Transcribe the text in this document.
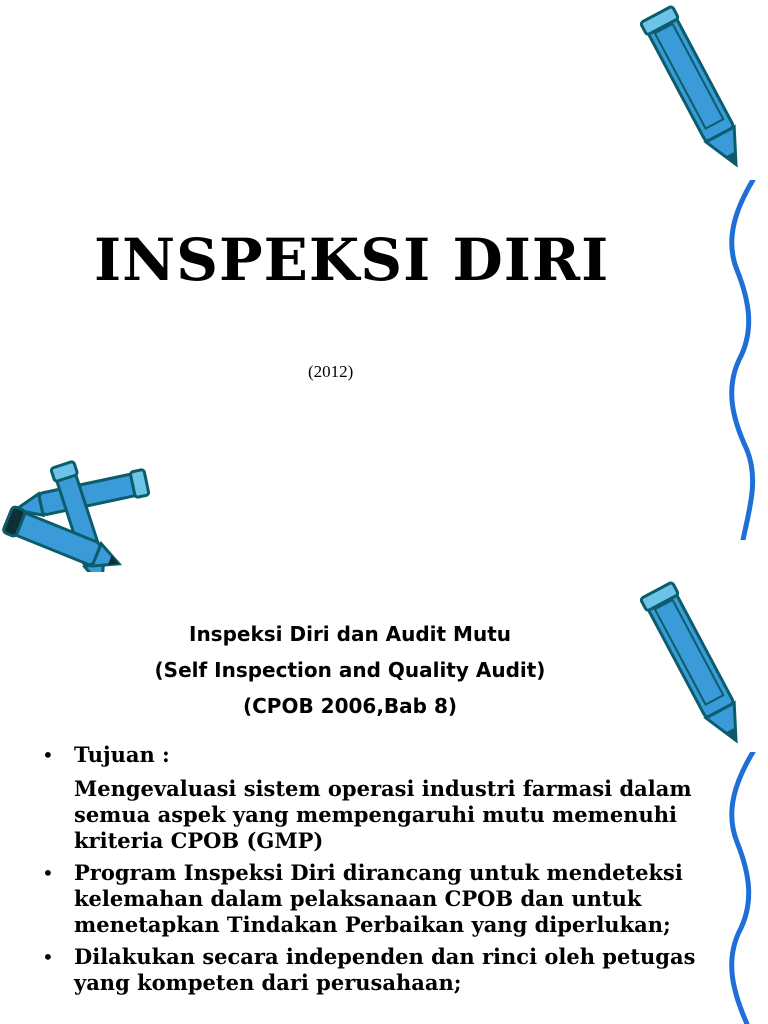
INSPEKSI DIRI
(2012)
Inspeksi Diri dan Audit Mutu
(Self Inspection and Quality Audit)
(CPOB 2006,Bab 8)
• Tujuan :
Mengevaluasi sistem operasi industri farmasi dalam semua aspek yang mempengaruhi mutu memenuhi kriteria CPOB (GMP)
• Program Inspeksi Diri dirancang untuk mendeteksi kelemahan dalam pelaksanaan CPOB dan untuk menetapkan Tindakan Perbaikan yang diperlukan;
• Dilakukan secara independen dan rinci oleh petugas yang kompeten dari perusahaan;
